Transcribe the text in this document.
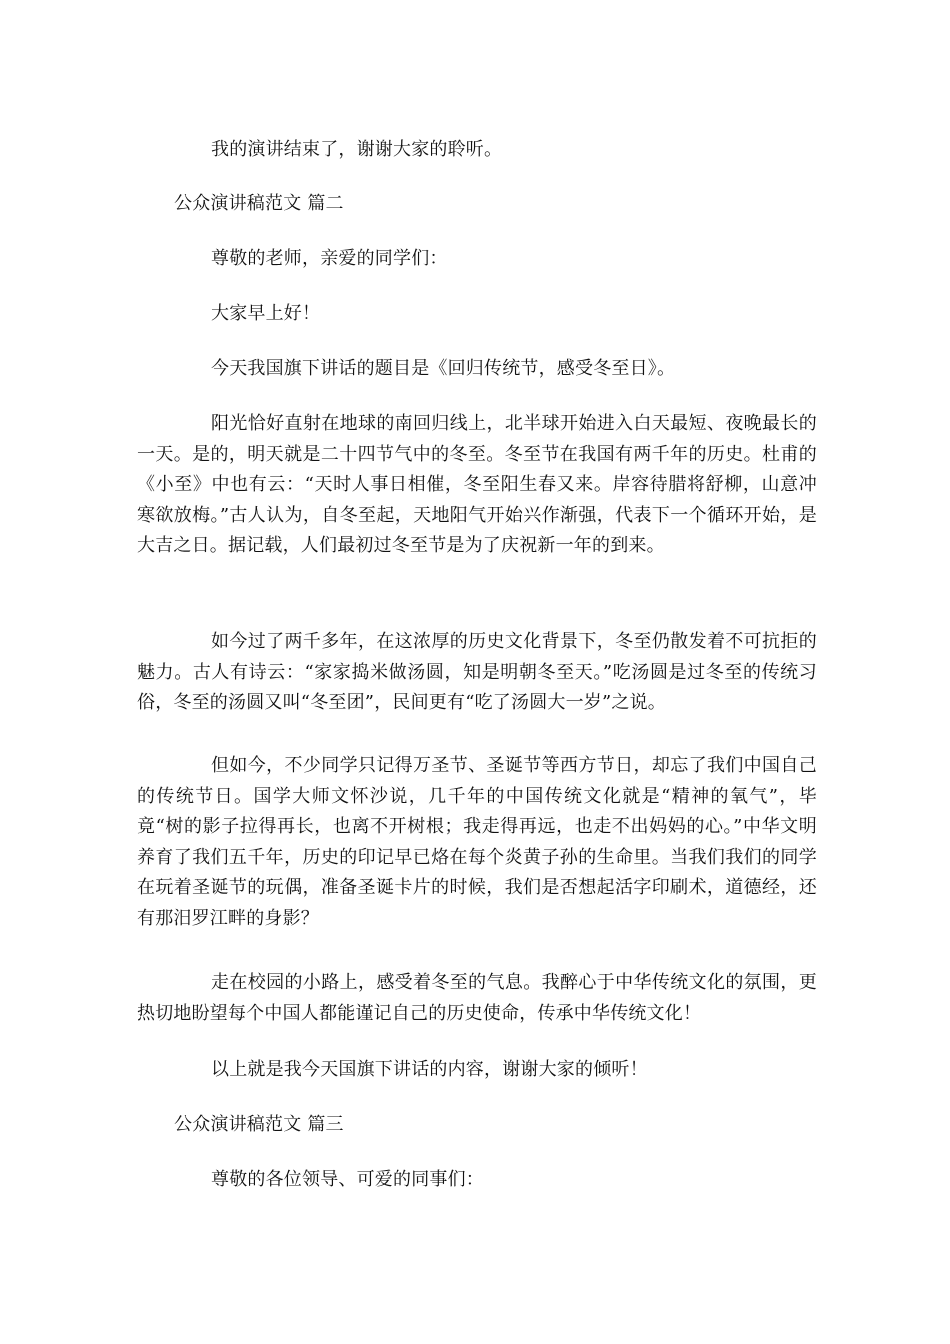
我的演讲结束了，谢谢大家的聆听。
公众演讲稿范文 篇二
尊敬的老师，亲爱的同学们：
大家早上好！
今天我国旗下讲话的题目是《回归传统节，感受冬至日》。
阳光恰好直射在地球的南回归线上，北半球开始进入白天最短、夜晚最长的一天。是的，明天就是二十四节气中的冬至。冬至节在我国有两千年的历史。杜甫的《小至》中也有云：“天时人事日相催，冬至阳生春又来。岸容待腊将舒柳，山意冲寒欲放梅。”古人认为，自冬至起，天地阳气开始兴作渐强，代表下一个循环开始，是大吉之日。据记载，人们最初过冬至节是为了庆祝新一年的到来。
如今过了两千多年，在这浓厚的历史文化背景下，冬至仍散发着不可抗拒的魅力。古人有诗云：“家家捣米做汤圆，知是明朝冬至天。”吃汤圆是过冬至的传统习俗，冬至的汤圆又叫“冬至团”，民间更有“吃了汤圆大一岁”之说。
但如今，不少同学只记得万圣节、圣诞节等西方节日，却忘了我们中国自己的传统节日。国学大师文怀沙说，几千年的中国传统文化就是“精神的氧气”，毕竟“树的影子拉得再长，也离不开树根；我走得再远，也走不出妈妈的心。”中华文明养育了我们五千年，历史的印记早已烙在每个炎黄子孙的生命里。当我们我们的同学在玩着圣诞节的玩偶，准备圣诞卡片的时候，我们是否想起活字印刷术，道德经，还有那汨罗江畔的身影？
走在校园的小路上，感受着冬至的气息。我醉心于中华传统文化的氛围，更热切地盼望每个中国人都能谨记自己的历史使命，传承中华传统文化！
以上就是我今天国旗下讲话的内容，谢谢大家的倾听！
公众演讲稿范文 篇三
尊敬的各位领导、可爱的同事们：
